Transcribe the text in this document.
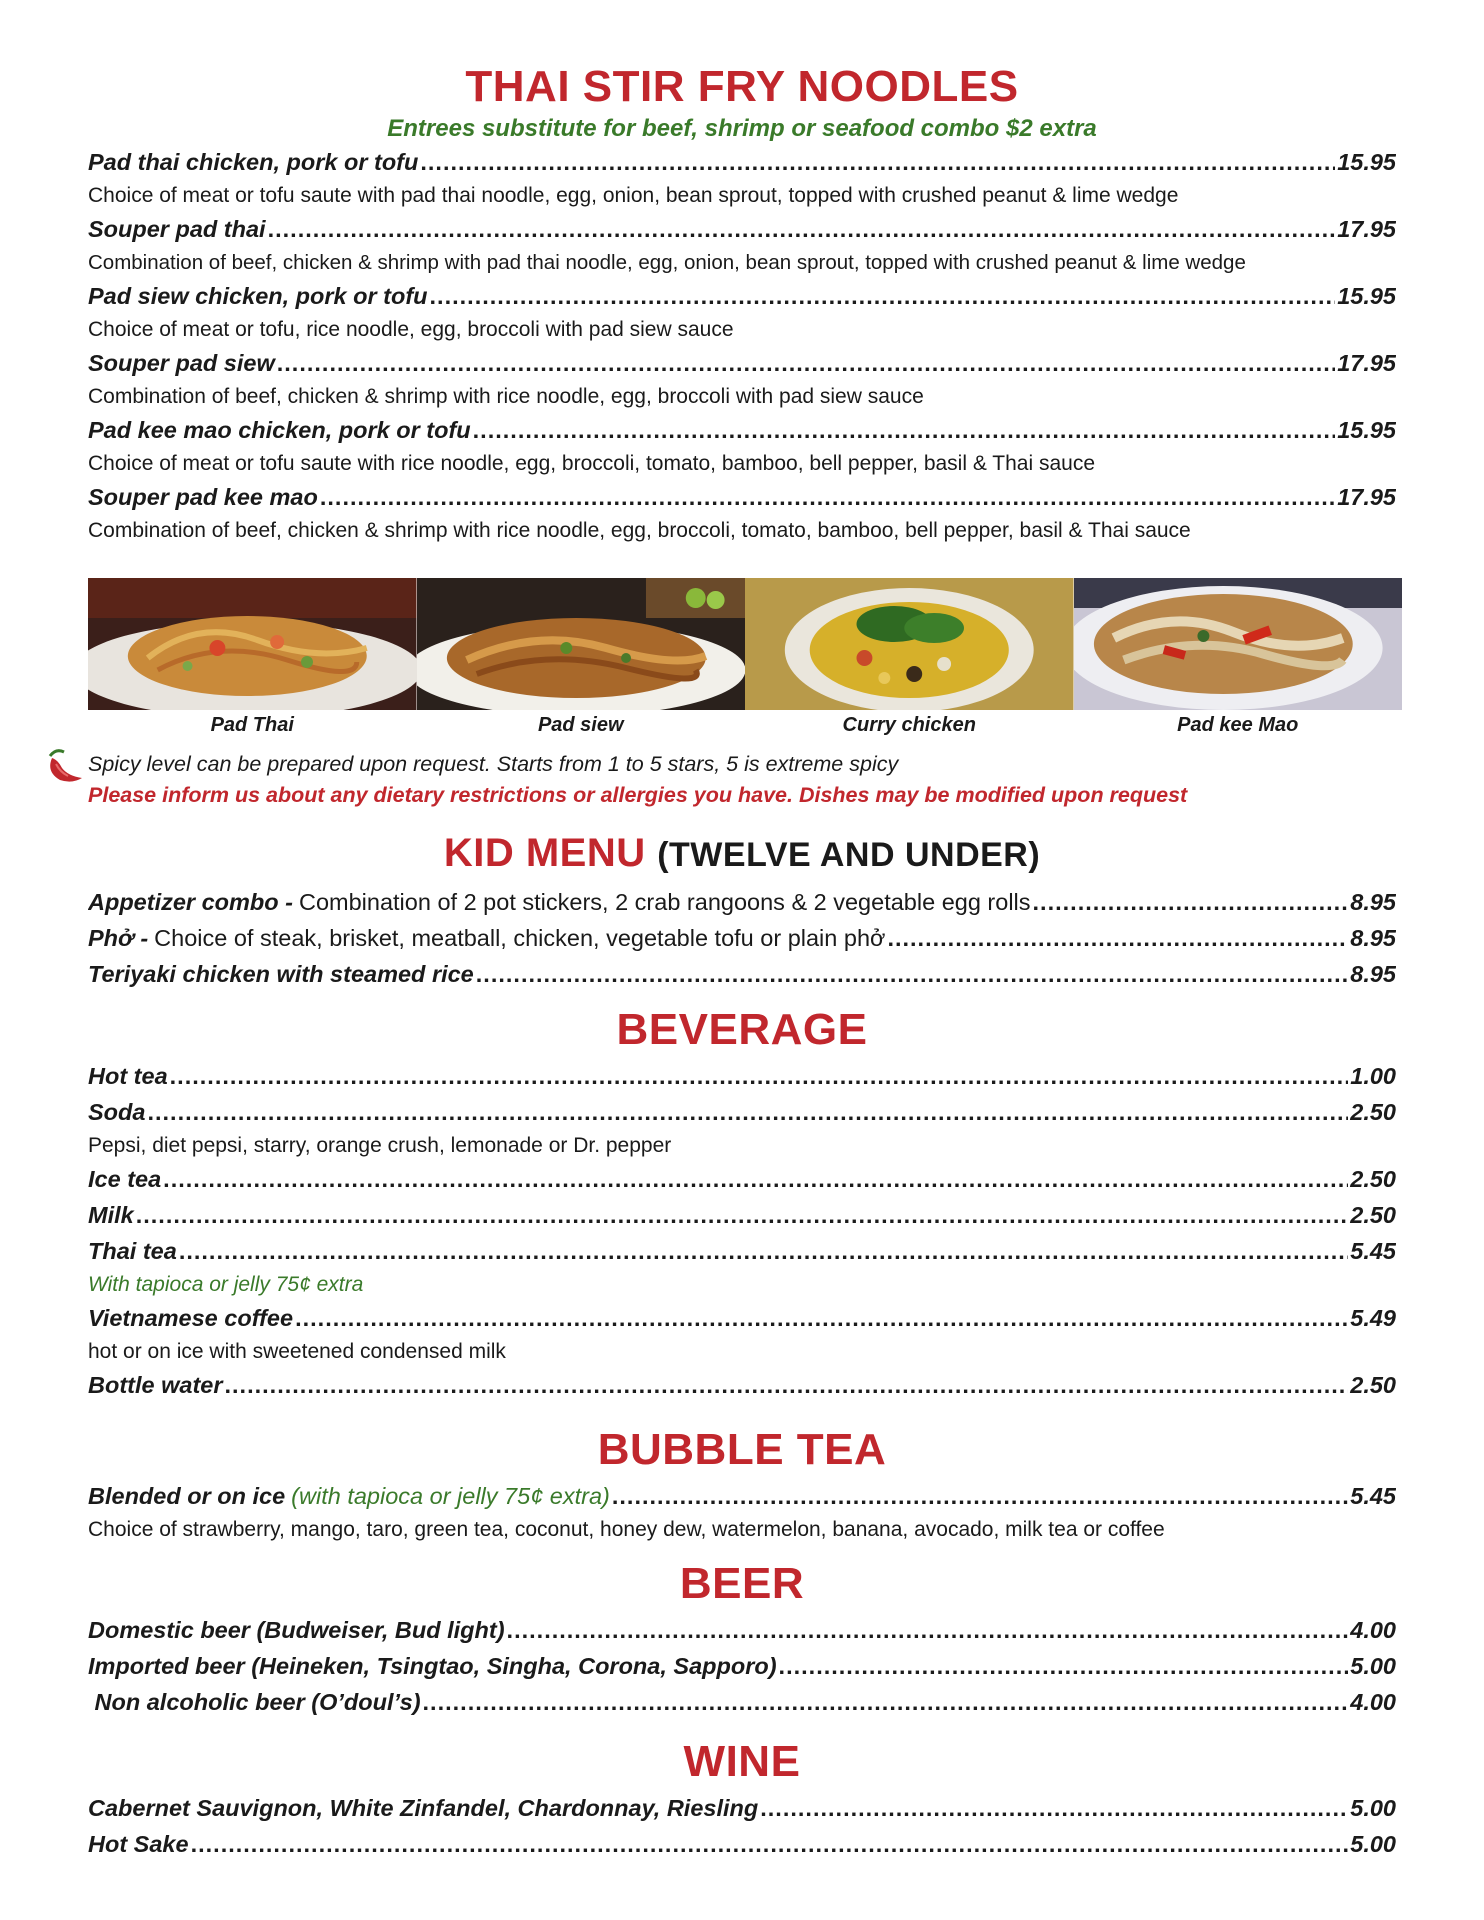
THAI STIR FRY NOODLES
Entrees substitute for beef, shrimp or seafood combo $2 extra
Pad thai chicken, pork or tofu .....	15.95
Choice of meat or tofu saute with pad thai noodle, egg, onion, bean sprout, topped with crushed peanut & lime wedge
Souper pad thai .....	17.95
Combination of beef, chicken & shrimp with pad thai noodle, egg, onion, bean sprout, topped with crushed peanut & lime wedge
Pad siew chicken, pork or tofu .....	15.95
Choice of meat or tofu, rice noodle, egg, broccoli with pad siew sauce
Souper pad siew .....	17.95
Combination of beef, chicken & shrimp with rice noodle, egg, broccoli with pad siew sauce
Pad kee mao chicken, pork or tofu .....	15.95
Choice of meat or tofu saute with rice noodle, egg, broccoli, tomato, bamboo, bell pepper, basil & Thai sauce
Souper pad kee mao .....	17.95
Combination of beef, chicken & shrimp with rice noodle, egg, broccoli, tomato, bamboo, bell pepper, basil & Thai sauce
Pad Thai	Pad siew	Curry chicken	Pad kee Mao
Spicy level can be prepared upon request. Starts from 1 to 5 stars, 5 is extreme spicy
Please inform us about any dietary restrictions or allergies you have. Dishes may be modified upon request
KID MENU (TWELVE AND UNDER)
Appetizer combo - Combination of 2 pot stickers, 2 crab rangoons & 2 vegetable egg rolls .....	8.95
Phở - Choice of steak, brisket, meatball, chicken, vegetable tofu or plain phở .....	8.95
Teriyaki chicken with steamed rice .....	8.95
BEVERAGE
Hot tea .....	1.00
Soda .....	2.50
Pepsi, diet pepsi, starry, orange crush, lemonade or Dr. pepper
Ice tea .....	2.50
Milk .....	2.50
Thai tea .....	5.45
With tapioca or jelly 75¢ extra
Vietnamese coffee .....	5.49
hot or on ice with sweetened condensed milk
Bottle water .....	2.50
BUBBLE TEA
Blended or on ice (with tapioca or jelly 75¢ extra) .....	5.45
Choice of strawberry, mango, taro, green tea, coconut, honey dew, watermelon, banana, avocado, milk tea or coffee
BEER
Domestic beer (Budweiser, Bud light) .....	4.00
Imported beer (Heineken, Tsingtao, Singha, Corona, Sapporo) .....	5.00
Non alcoholic beer (O’doul’s) .....	4.00
WINE
Cabernet Sauvignon, White Zinfandel, Chardonnay, Riesling .....	5.00
Hot Sake .....	5.00
